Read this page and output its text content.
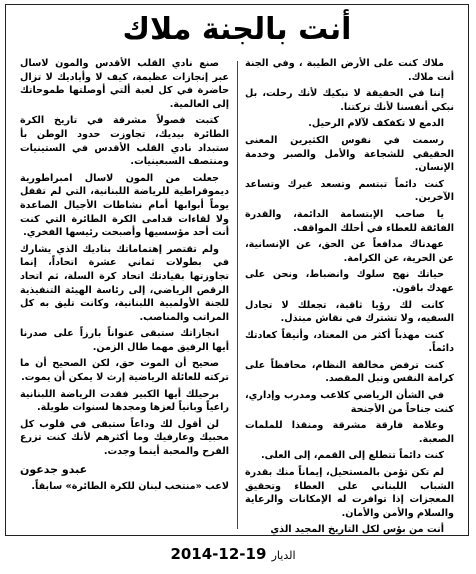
أنت بالجنة ملاك

ملاك كنت على الأرض الطيبة ، وفي الجنة أنت ملاك.

إننا في الحقيقة لا نبكيك لأنك رحلت، بل نبكي أنفسنا لأنك تركتنا.

الدمع لا تكفكف لآلام الرحيل.

رسمت في نفوس الكثيرين المعنى الحقيقي للشجاعة والأمل والصبر وخدمة الإنسان.

كنت دائماً تبتسم وتسعد غيرك وتساعد الآخرين.

يا صاحب الإبتسامة الدائمة، والقدرة الفائقة للعطاء في أحلك المواقف.

عهدناك مدافعاً عن الحق، عن الإنسانية، عن الحرية، عن الكرامة.

حياتك نهج سلوك وانضباط، ونحن على عهدك باقون.

كانت لك رؤيا ثاقبة، تجعلك لا تجادل السفيه، ولا تشترك في نقاش مبتذل.

كنت مهذباً أكثر من المعتاد، وأنيقاً كعادتك دائماً.

كنت ترفض مخالفة النظام، محافظاً على كرامة النفس ونبل المقصد.

في الشأن الرياضي كلاعب ومدرب وإداري، كنت جناحاً من الأجنحة

وعلامة فارقة مشرقة ومنقذا للملمات الصعبة.

كنت دائماً تتطلع إلى القمم، إلى العلى.

لم تكن تؤمن بالمستحيل، إيماناً منك بقدرة الشباب اللبناني على العطاء وتحقيق المعجزات إذا توافرت له الإمكانات والرعاية والسلام والأمن والأمان.

أنت من بؤس لكل التاريخ المجيد الذي

صنع نادي القلب الأقدس والمون لاسال عبر إنجازات عظيمة، كيف لا وأياديك لا تزال حاضرة في كل لعبة ألتي أوصلتها طموحاتك إلى العالمية.

كتبت فصولاً مشرقة في تاريخ الكرة الطائرة بيديك، تجاوزت حدود الوطن بأ ستبداد نادي القلب الأقدس في الستينيات ومنتصف السبعينيات.

جعلت من المون لاسال امبراطورية ديموقراطية للرياضة اللبنانية، التي لم تقفل يوماً أبوابها أمام نشاطات الأجيال الصاعدة ولا لقاءات قدامى الكرة الطائرة التي كنت أنت أحد مؤسسيها وأصبحت رئيسها الفخري.

ولم تقتصر إهتماماتك بناديك الذي يشارك في بطولات ثماني عشرة اتحاداً، إنما تجاوزتها بقيادتك اتحاد كرة السلة، ثم اتحاد الرقص الرياضي، إلى رئاسة الهيئة التنفيذية للجنة الأولمبية اللبنانية، وكانت تليق به كل المراتب والمناصب.

انجازاتك ستبقى عنواناً بارزاً على صدرنا أيها الرفيق مهما طال الزمن.

صحيح أن الموت حق، لكن الصحيح أن ما تركته للعائلة الرياضية إرث لا يمكن أن يموت.

برحيلك أيها الكبير فقدت الرياضة اللبنانية راعياً وبانياً لعزها ومجدها لسنوات طويلة.

لن أقول لك وداعاً ستبقى في قلوب كل محبيك وعارفيك وما أكثرهم لأنك كنت تزرع الفرح والمحبة أينما وجدت.

عبدو جدعون
لاعب «منتخب لبنان للكرة الطائرة» سابقاً.
2014-12-19 الديار
